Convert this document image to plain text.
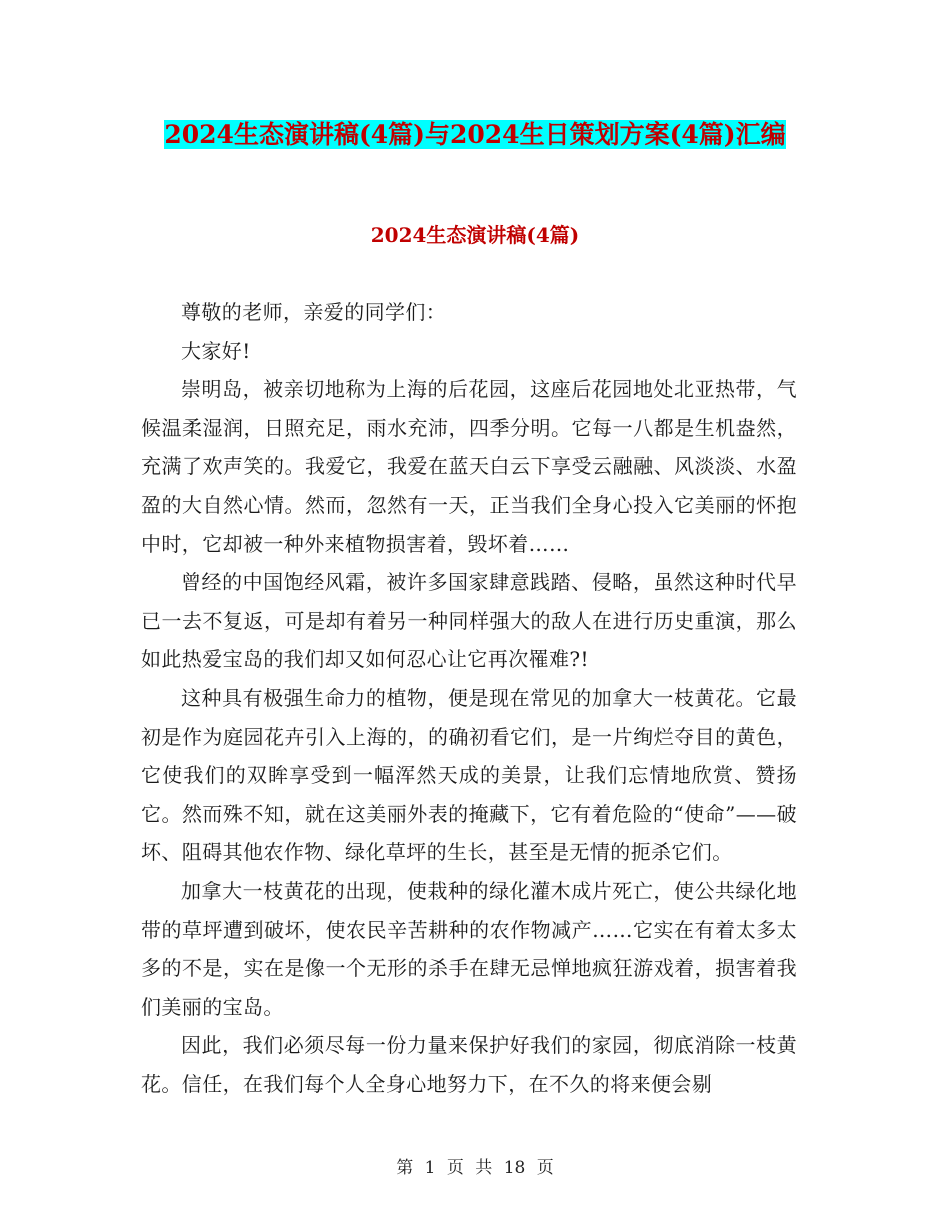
2024生态演讲稿(4篇)与2024生日策划方案(4篇)汇编
2024生态演讲稿(4篇)

尊敬的老师，亲爱的同学们：

大家好!

崇明岛，被亲切地称为上海的后花园，这座后花园地处北亚热带，气候温柔湿润，日照充足，雨水充沛，四季分明。它每一八都是生机盎然，充满了欢声笑的。我爱它，我爱在蓝天白云下享受云融融、风淡淡、水盈盈的大自然心情。然而，忽然有一天，正当我们全身心投入它美丽的怀抱中时，它却被一种外来植物损害着，毁坏着……

曾经的中国饱经风霜，被许多国家肆意践踏、侵略，虽然这种时代早已一去不复返，可是却有着另一种同样强大的敌人在进行历史重演，那么如此热爱宝岛的我们却又如何忍心让它再次罹难?!

这种具有极强生命力的植物，便是现在常见的加拿大一枝黄花。它最初是作为庭园花卉引入上海的，的确初看它们，是一片绚烂夺目的黄色，它使我们的双眸享受到一幅浑然天成的美景，让我们忘情地欣赏、赞扬它。然而殊不知，就在这美丽外表的掩藏下，它有着危险的“使命”——破坏、阻碍其他农作物、绿化草坪的生长，甚至是无情的扼杀它们。

加拿大一枝黄花的出现，使栽种的绿化灌木成片死亡，使公共绿化地带的草坪遭到破坏，使农民辛苦耕种的农作物减产……它实在有着太多太多的不是，实在是像一个无形的杀手在肆无忌惮地疯狂游戏着，损害着我们美丽的宝岛。

因此，我们必须尽每一份力量来保护好我们的家园，彻底消除一枝黄花。信任，在我们每个人全身心地努力下，在不久的将来便会剔

第 1 页 共 18 页
